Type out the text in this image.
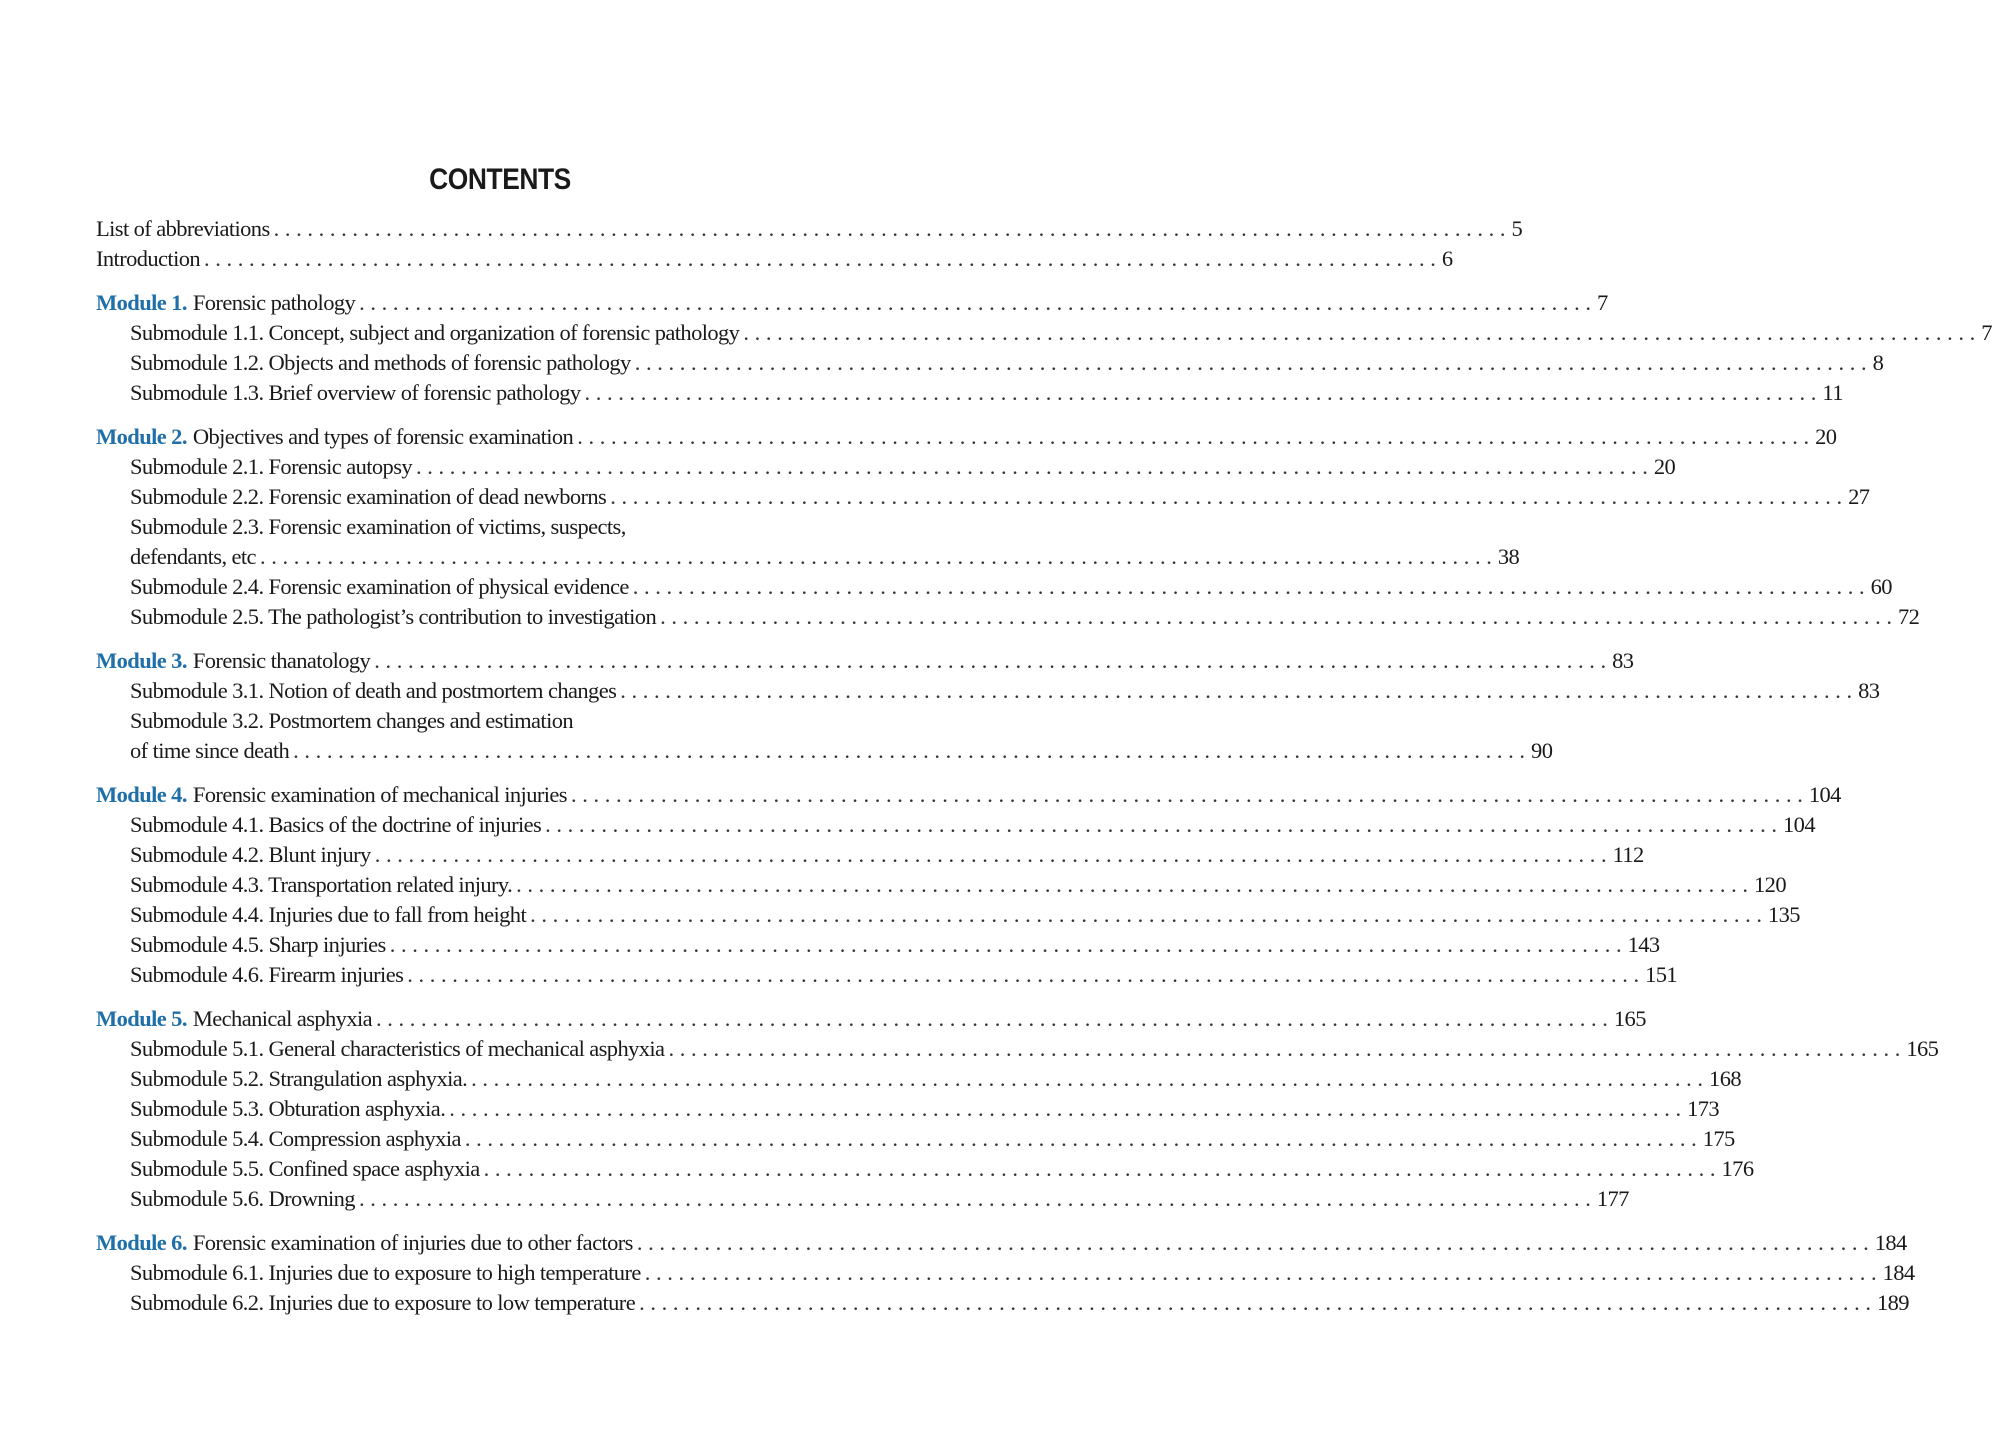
CONTENTS
List of abbreviations . . .	5
Introduction . . .	6
Module 1. Forensic pathology . . .	7
Submodule 1.1. Concept, subject and organization of forensic pathology . . .	7
Submodule 1.2. Objects and methods of forensic pathology . . .	8
Submodule 1.3. Brief overview of forensic pathology . . .	11
Module 2. Objectives and types of forensic examination . . .	20
Submodule 2.1. Forensic autopsy . . .	20
Submodule 2.2. Forensic examination of dead newborns . . .	27
Submodule 2.3. Forensic examination of victims, suspects,
defendants, etc . . .	38
Submodule 2.4. Forensic examination of physical evidence . . .	60
Submodule 2.5. The pathologist’s contribution to investigation . . .	72
Module 3. Forensic thanatology . . .	83
Submodule 3.1. Notion of death and postmortem changes . . .	83
Submodule 3.2. Postmortem changes and estimation
of time since death . . .	90
Module 4. Forensic examination of mechanical injuries . . .	104
Submodule 4.1. Basics of the doctrine of injuries . . .	104
Submodule 4.2. Blunt injury . . .	112
Submodule 4.3. Transportation related injury. . . .	120
Submodule 4.4. Injuries due to fall from height . . .	135
Submodule 4.5. Sharp injuries . . .	143
Submodule 4.6. Firearm injuries . . .	151
Module 5. Mechanical asphyxia . . .	165
Submodule 5.1. General characteristics of mechanical asphyxia . . .	165
Submodule 5.2. Strangulation asphyxia. . . .	168
Submodule 5.3. Obturation asphyxia. . . .	173
Submodule 5.4. Compression asphyxia . . .	175
Submodule 5.5. Confined space asphyxia . . .	176
Submodule 5.6. Drowning . . .	177
Module 6. Forensic examination of injuries due to other factors . . .	184
Submodule 6.1. Injuries due to exposure to high temperature . . .	184
Submodule 6.2. Injuries due to exposure to low temperature . . .	189
